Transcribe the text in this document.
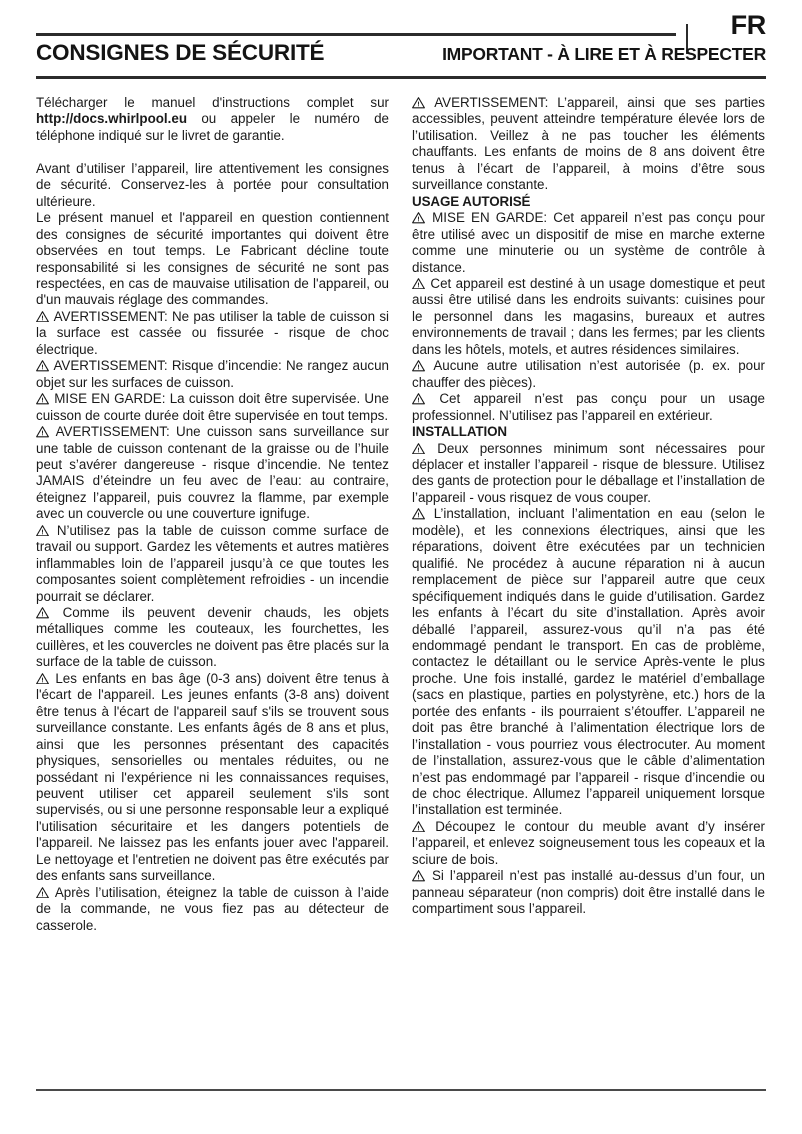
FR
CONSIGNES DE SÉCURITÉ	IMPORTANT - À LIRE ET À RESPECTER

Télécharger le manuel d'instructions complet sur http://docs.whirlpool.eu ou appeler le numéro de téléphone indiqué sur le livret de garantie.

Avant d’utiliser l’appareil, lire attentivement les consignes de sécurité. Conservez-les à portée pour consultation ultérieure.

Le présent manuel et l'appareil en question contiennent des consignes de sécurité importantes qui doivent être observées en tout temps. Le Fabricant décline toute responsabilité si les consignes de sécurité ne sont pas respectées, en cas de mauvaise utilisation de l'appareil, ou d'un mauvais réglage des commandes.

AVERTISSEMENT: Ne pas utiliser la table de cuisson si la surface est cassée ou fissurée - risque de choc électrique.

AVERTISSEMENT: Risque d’incendie: Ne rangez aucun objet sur les surfaces de cuisson.

MISE EN GARDE: La cuisson doit être supervisée. Une cuisson de courte durée doit être supervisée en tout temps.

AVERTISSEMENT: Une cuisson sans surveillance sur une table de cuisson contenant de la graisse ou de l’huile peut s’avérer dangereuse - risque d’incendie. Ne tentez JAMAIS d’éteindre un feu avec de l’eau: au contraire, éteignez l’appareil, puis couvrez la flamme, par exemple avec un couvercle ou une couverture ignifuge.

N’utilisez pas la table de cuisson comme surface de travail ou support. Gardez les vêtements et autres matières inflammables loin de l’appareil jusqu’à ce que toutes les composantes soient complètement refroidies - un incendie pourrait se déclarer.

Comme ils peuvent devenir chauds, les objets métalliques comme les couteaux, les fourchettes, les cuillères, et les couvercles ne doivent pas être placés sur la surface de la table de cuisson.

Les enfants en bas âge (0-3 ans) doivent être tenus à l'écart de l'appareil. Les jeunes enfants (3-8 ans) doivent être tenus à l'écart de l'appareil sauf s'ils se trouvent sous surveillance constante. Les enfants âgés de 8 ans et plus, ainsi que les personnes présentant des capacités physiques, sensorielles ou mentales réduites, ou ne possédant ni l'expérience ni les connaissances requises, peuvent utiliser cet appareil seulement s'ils sont supervisés, ou si une personne responsable leur a expliqué l'utilisation sécuritaire et les dangers potentiels de l'appareil. Ne laissez pas les enfants jouer avec l'appareil. Le nettoyage et l'entretien ne doivent pas être exécutés par des enfants sans surveillance.

Après l’utilisation, éteignez la table de cuisson à l’aide de la commande, ne vous fiez pas au détecteur de casserole.

AVERTISSEMENT: L’appareil, ainsi que ses parties accessibles, peuvent atteindre température élevée lors de l’utilisation. Veillez à ne pas toucher les éléments chauffants. Les enfants de moins de 8 ans doivent être tenus à l’écart de l’appareil, à moins d’être sous surveillance constante.

USAGE AUTORISÉ

MISE EN GARDE: Cet appareil n’est pas conçu pour être utilisé avec un dispositif de mise en marche externe comme une minuterie ou un système de contrôle à distance.

Cet appareil est destiné à un usage domestique et peut aussi être utilisé dans les endroits suivants: cuisines pour le personnel dans les magasins, bureaux et autres environnements de travail ; dans les fermes; par les clients dans les hôtels, motels, et autres résidences similaires.

Aucune autre utilisation n’est autorisée (p. ex. pour chauffer des pièces).

Cet appareil n’est pas conçu pour un usage professionnel. N’utilisez pas l’appareil en extérieur.

INSTALLATION

Deux personnes minimum sont nécessaires pour déplacer et installer l’appareil - risque de blessure. Utilisez des gants de protection pour le déballage et l’installation de l’appareil - vous risquez de vous couper.

L’installation, incluant l’alimentation en eau (selon le modèle), et les connexions électriques, ainsi que les réparations, doivent être exécutées par un technicien qualifié. Ne procédez à aucune réparation ni à aucun remplacement de pièce sur l’appareil autre que ceux spécifiquement indiqués dans le guide d’utilisation. Gardez les enfants à l’écart du site d’installation. Après avoir déballé l’appareil, assurez-vous qu’il n’a pas été endommagé pendant le transport. En cas de problème, contactez le détaillant ou le service Après-vente le plus proche. Une fois installé, gardez le matériel d’emballage (sacs en plastique, parties en polystyrène, etc.) hors de la portée des enfants - ils pourraient s’étouffer. L’appareil ne doit pas être branché à l’alimentation électrique lors de l’installation - vous pourriez vous électrocuter. Au moment de l’installation, assurez-vous que le câble d’alimentation n’est pas endommagé par l’appareil - risque d’incendie ou de choc électrique. Allumez l’appareil uniquement lorsque l’installation est terminée.

Découpez le contour du meuble avant d’y insérer l’appareil, et enlevez soigneusement tous les copeaux et la sciure de bois.

Si l’appareil n’est pas installé au-dessus d’un four, un panneau séparateur (non compris) doit être installé dans le compartiment sous l’appareil.
